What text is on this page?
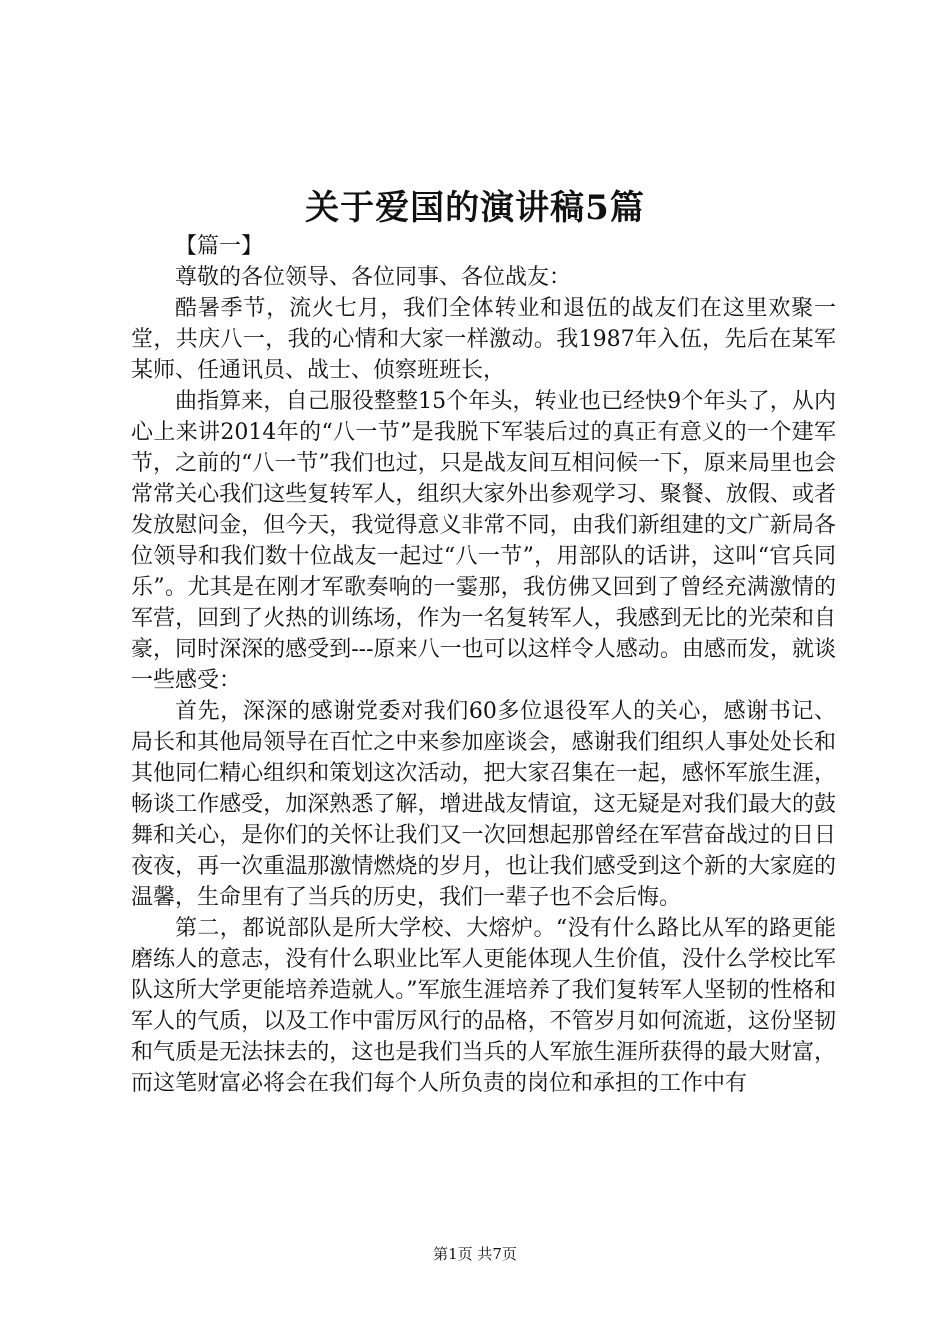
关于爱国的演讲稿5篇

【篇一】

尊敬的各位领导、各位同事、各位战友：

酷暑季节，流火七月，我们全体转业和退伍的战友们在这里欢聚一堂，共庆八一，我的心情和大家一样激动。我1987年入伍，先后在某军某师、任通讯员、战士、侦察班班长，

曲指算来，自己服役整整15个年头，转业也已经快9个年头了，从内心上来讲2014年的“八一节”是我脱下军装后过的真正有意义的一个建军节，之前的“八一节”我们也过，只是战友间互相问候一下，原来局里也会常常关心我们这些复转军人，组织大家外出参观学习、聚餐、放假、或者发放慰问金，但今天，我觉得意义非常不同，由我们新组建的文广新局各位领导和我们数十位战友一起过“八一节”，用部队的话讲，这叫“官兵同乐”。尤其是在刚才军歌奏响的一霎那，我仿佛又回到了曾经充满激情的军营，回到了火热的训练场，作为一名复转军人，我感到无比的光荣和自豪，同时深深的感受到---原来八一也可以这样令人感动。由感而发，就谈一些感受：

首先，深深的感谢党委对我们60多位退役军人的关心，感谢书记、局长和其他局领导在百忙之中来参加座谈会，感谢我们组织人事处处长和其他同仁精心组织和策划这次活动，把大家召集在一起，感怀军旅生涯，畅谈工作感受，加深熟悉了解，增进战友情谊，这无疑是对我们最大的鼓舞和关心，是你们的关怀让我们又一次回想起那曾经在军营奋战过的日日夜夜，再一次重温那激情燃烧的岁月，也让我们感受到这个新的大家庭的温馨，生命里有了当兵的历史，我们一辈子也不会后悔。

第二，都说部队是所大学校、大熔炉。“没有什么路比从军的路更能磨练人的意志，没有什么职业比军人更能体现人生价值，没什么学校比军队这所大学更能培养造就人。”军旅生涯培养了我们复转军人坚韧的性格和军人的气质，以及工作中雷厉风行的品格，不管岁月如何流逝，这份坚韧和气质是无法抹去的，这也是我们当兵的人军旅生涯所获得的最大财富，而这笔财富必将会在我们每个人所负责的岗位和承担的工作中有

第1页 共7页
